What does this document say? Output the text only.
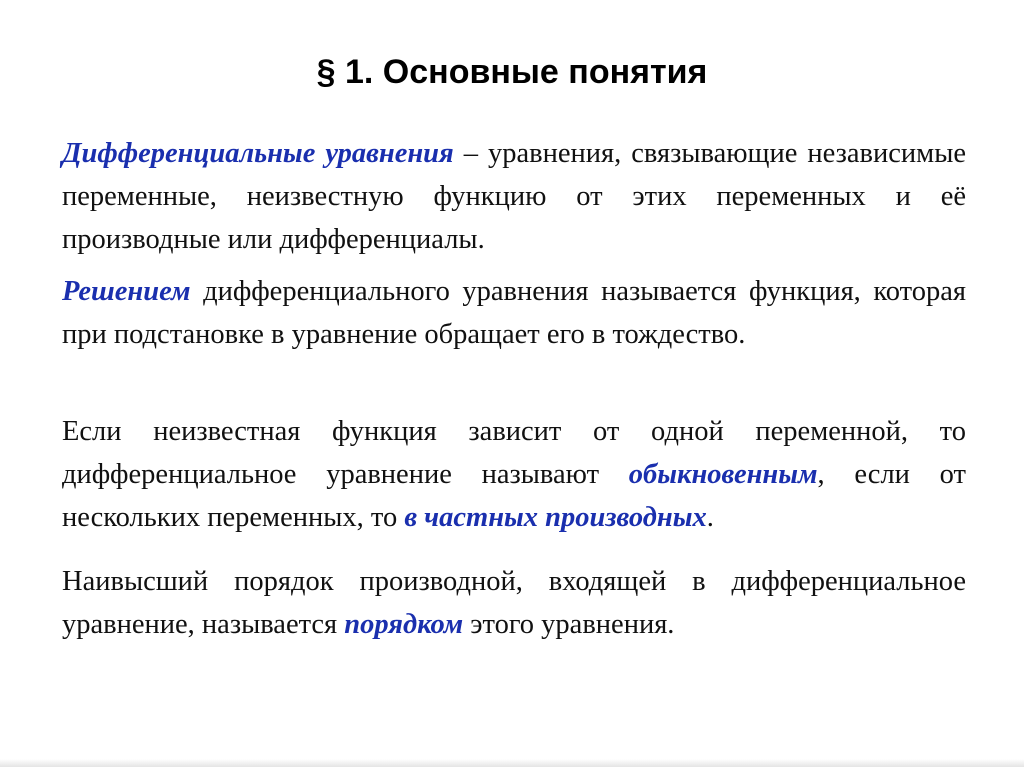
§ 1. Основные понятия

Дифференциальные уравнения – уравнения, связывающие независимые переменные, неизвестную функцию от этих переменных и её производные или дифференциалы.

Решением дифференциального уравнения называется функция, которая при подстановке в уравнение обращает его в тождество.

Если неизвестная функция зависит от одной переменной, то дифференциальное уравнение называют обыкновенным, если от нескольких переменных, то в частных производных.

Наивысший порядок производной, входящей в дифференциальное уравнение, называется порядком этого уравнения.
